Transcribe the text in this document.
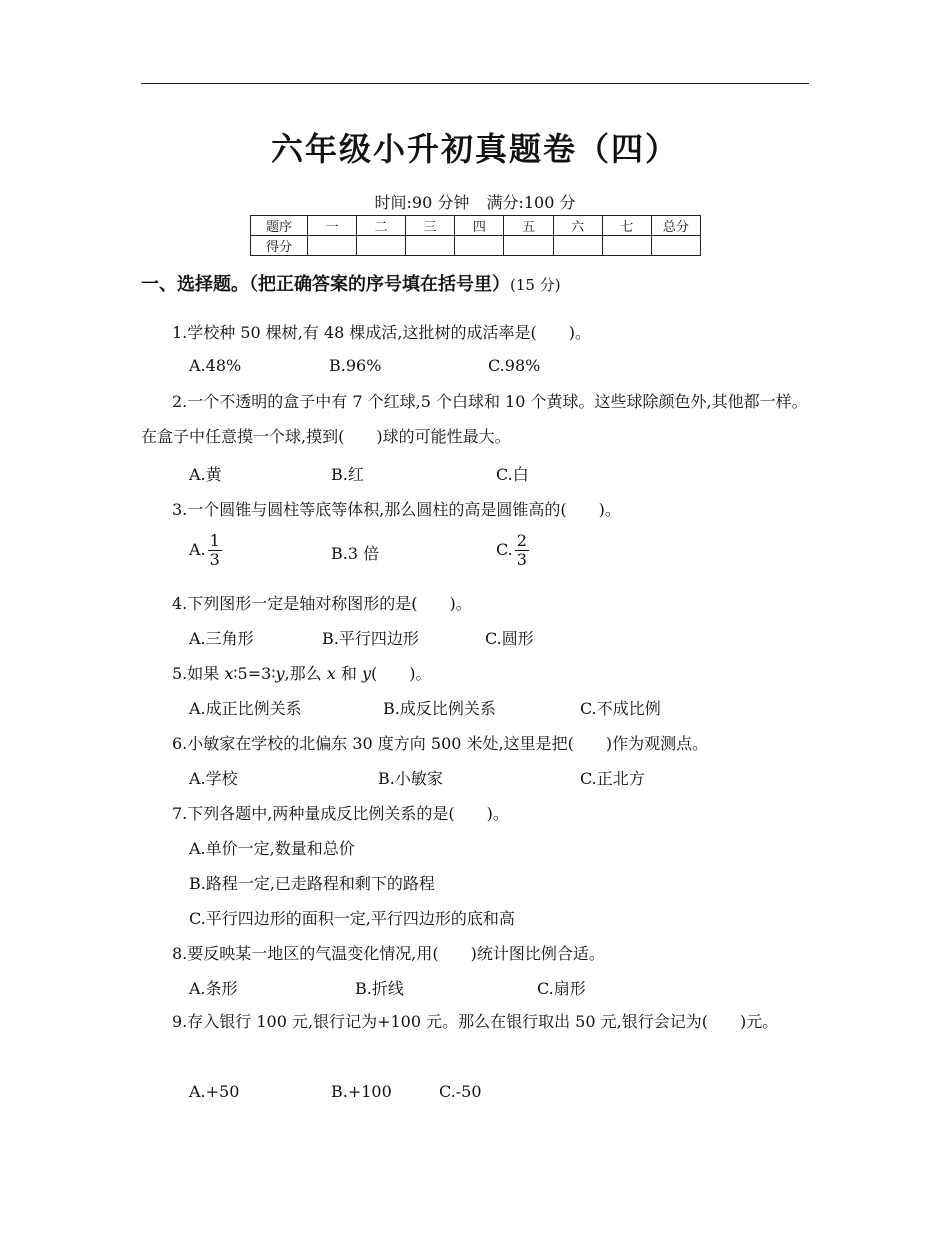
六年级小升初真题卷（四）
时间:90 分钟 满分:100 分
题序	一	二	三	四	五	六	七	总分
得分								
一、选择题。（把正确答案的序号填在括号里）(15 分)
1.学校种 50 棵树,有 48 棵成活,这批树的成活率是(　　)。
A.48%	B.96%	C.98%
2.一个不透明的盒子中有 7 个红球,5 个白球和 10 个黄球。这些球除颜色外,其他都一样。在盒子中任意摸一个球,摸到(　　)球的可能性最大。
A.黄	B.红	C.白
3.一个圆锥与圆柱等底等体积,那么圆柱的高是圆锥高的(　　)。
A. $\frac{1}{3}$	B.3 倍	C. $\frac{2}{3}$
4.下列图形一定是轴对称图形的是(　　)。
A.三角形	B.平行四边形	C.圆形
5.如果 x∶5=3∶y,那么 x 和 y(　　)。
A.成正比例关系	B.成反比例关系	C.不成比例
6.小敏家在学校的北偏东 30 度方向 500 米处,这里是把(　　)作为观测点。
A.学校	B.小敏家	C.正北方
7.下列各题中,两种量成反比例关系的是(　　)。
A.单价一定,数量和总价
B.路程一定,已走路程和剩下的路程
C.平行四边形的面积一定,平行四边形的底和高
8.要反映某一地区的气温变化情况,用(　　)统计图比例合适。
A.条形	B.折线	C.扇形
9.存入银行 100 元,银行记为+100 元。那么在银行取出 50 元,银行会记为(　　)元。
A.+50	B.+100	C.-50
